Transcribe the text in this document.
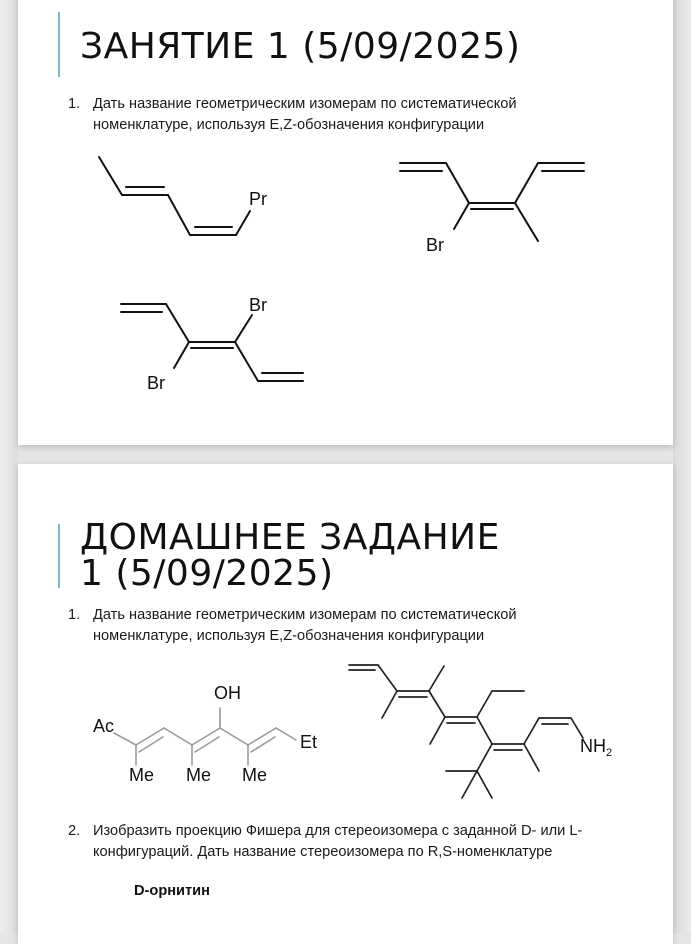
ЗАНЯТИЕ 1 (5/09/2025)
1. Дать название геометрическим изомерам по систематической номенклатуре, используя E,Z-обозначения конфигурации
ДОМАШНЕЕ ЗАДАНИЕ
1 (5/09/2025)
1. Дать название геометрическим изомерам по систематической номенклатуре, используя E,Z-обозначения конфигурации
2. Изобразить проекцию Фишера для стереоизомера с заданной D- или L-конфигураций. Дать название стереоизомера по R,S-номенклатуре
D-орнитин
Pr
Br
Br
Br
OH
Ac
Et
Me Me Me
$NH_2$
